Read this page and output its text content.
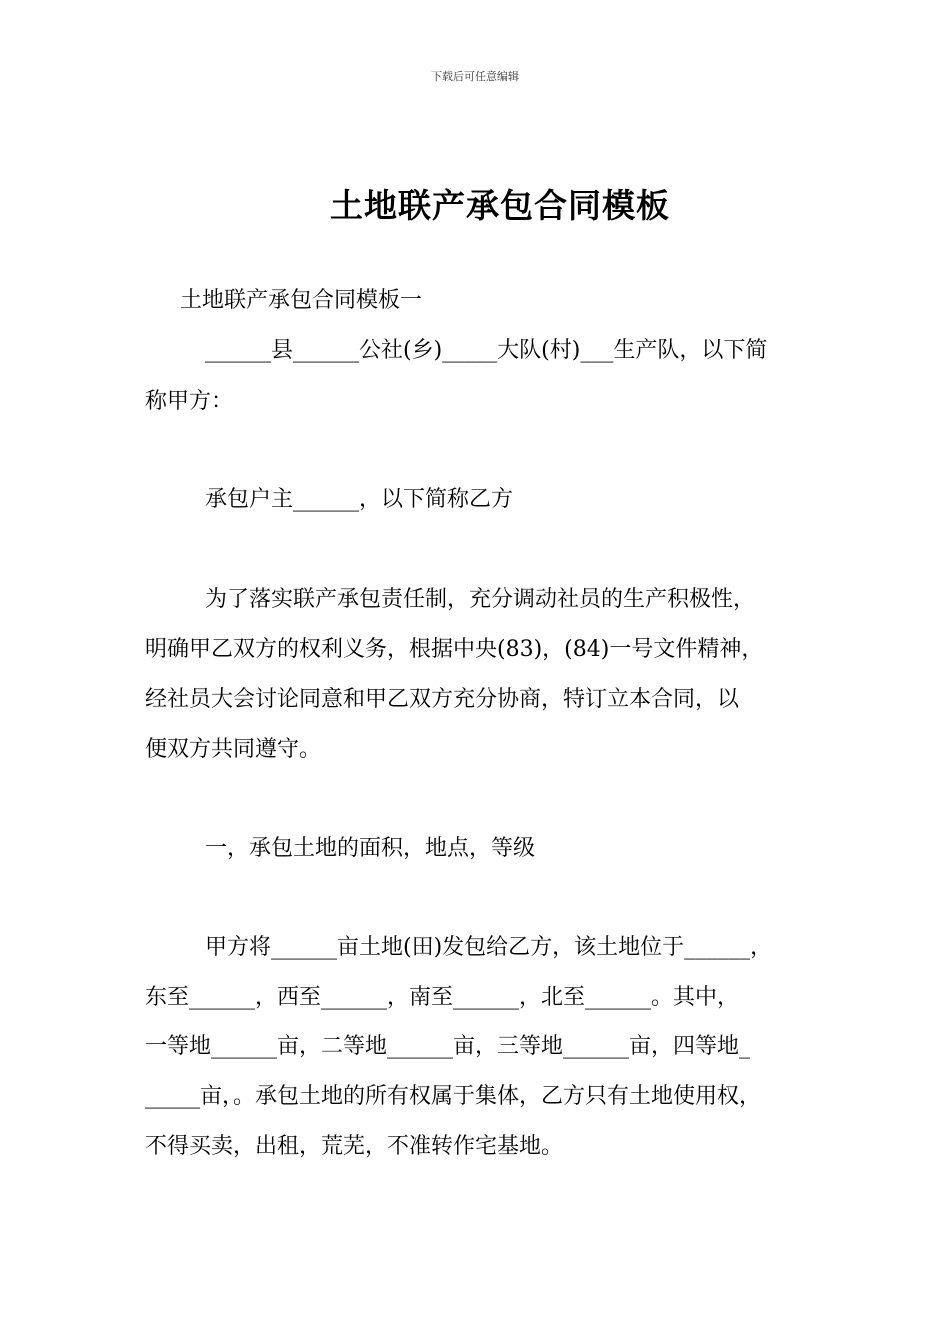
下载后可任意编辑
土地联产承包合同模板
土地联产承包合同模板一
______县______公社(乡)_____大队(村)___生产队，以下简
称甲方：
承包户主______，以下简称乙方
为了落实联产承包责任制，充分调动社员的生产积极性，
明确甲乙双方的权利义务，根据中央(83)，(84)一号文件精神，
经社员大会讨论同意和甲乙双方充分协商，特订立本合同，以
便双方共同遵守。
一，承包土地的面积，地点，等级
甲方将______亩土地(田)发包给乙方，该土地位于______，
东至______，西至______，南至______，北至______。其中，
一等地______亩，二等地______亩，三等地______亩，四等地_
_____亩，。承包土地的所有权属于集体，乙方只有土地使用权，
不得买卖，出租，荒芜，不准转作宅基地。
